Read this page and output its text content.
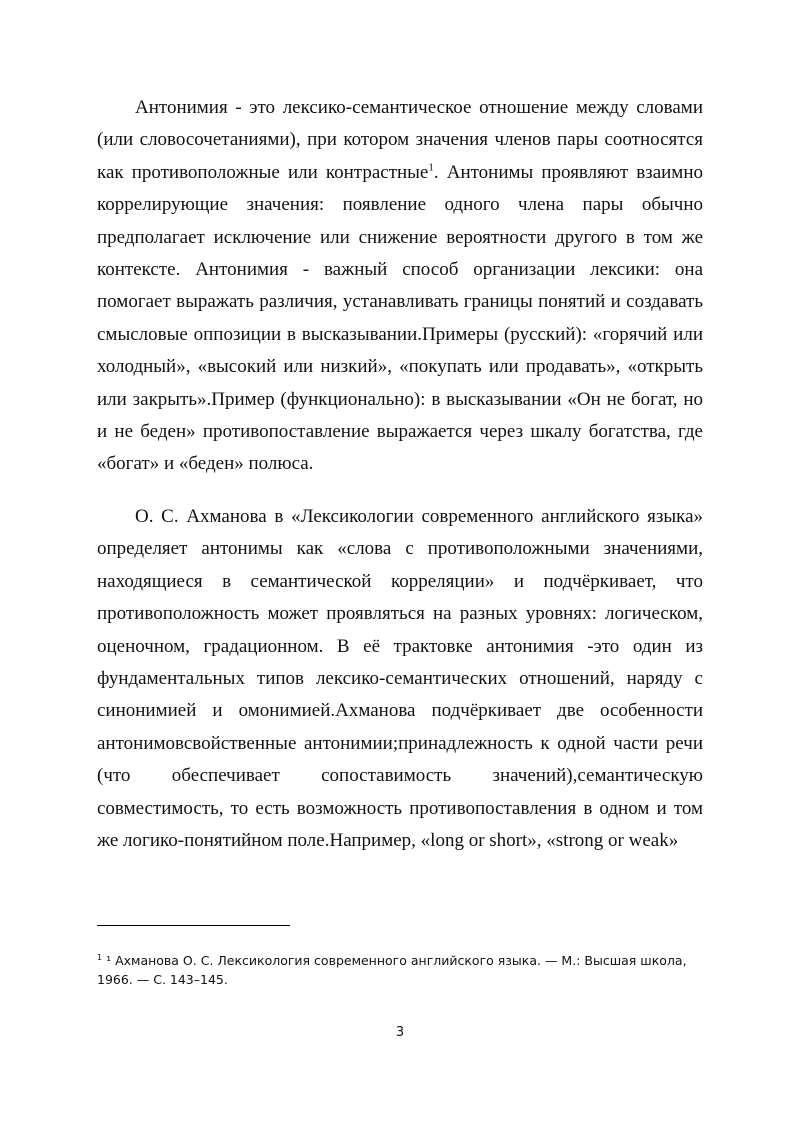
Антонимия - это лексико-семантическое отношение между словами (или словосочетаниями), при котором значения членов пары соотносятся как противоположные или контрастные$^1$. Антонимы проявляют взаимно коррелирующие значения: появление одного члена пары обычно предполагает исключение или снижение вероятности другого в том же контексте. Антонимия - важный способ организации лексики: она помогает выражать различия, устанавливать границы понятий и создавать смысловые оппозиции в высказывании.Примеры (русский): «горячий или холодный», «высокий или низкий», «покупать или продавать», «открыть или закрыть».Пример (функционально): в высказывании «Он не богат, но и не беден» противопоставление выражается через шкалу богатства, где «богат» и «беден» полюса.

О. С. Ахманова в «Лексикологии современного английского языка» определяет антонимы как «слова с противоположными значениями, находящиеся в семантической корреляции» и подчёркивает, что противоположность может проявляться на разных уровнях: логическом, оценочном, градационном. В её трактовке антонимия -это один из фундаментальных типов лексико-семантических отношений, наряду с синонимией и омонимией.Ахманова подчёркивает две особенности антонимовсвойственные антонимии;принадлежность к одной части речи (что обеспечивает сопоставимость значений),семантическую совместимость, то есть возможность противопоставления в одном и том же логико-понятийном поле.Например, «long or short», «strong or weak»

$^1$ ¹ Ахманова О. С. Лексикология современного английского языка. — М.: Высшая школа, 1966. — С. 143–145.

3
